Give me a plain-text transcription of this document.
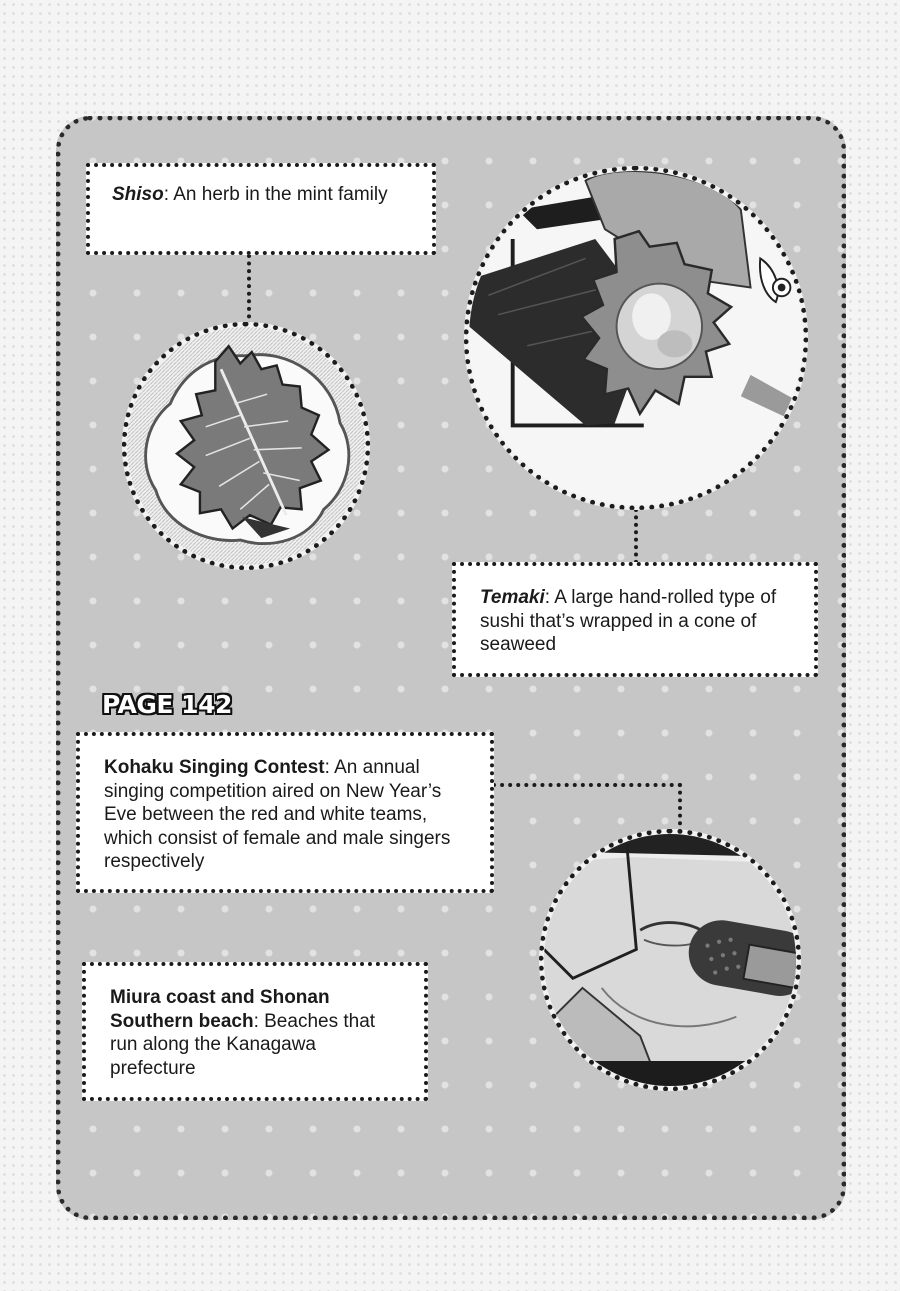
Shiso: An herb in the mint family
Temaki: A large hand-rolled type of sushi that’s wrapped in a cone of seaweed
PAGE 142
Kohaku Singing Contest: An annual singing competition aired on New Year’s Eve between the red and white teams, which consist of female and male singers respectively
Miura coast and Shonan Southern beach: Beaches that run along the Kanagawa prefecture
